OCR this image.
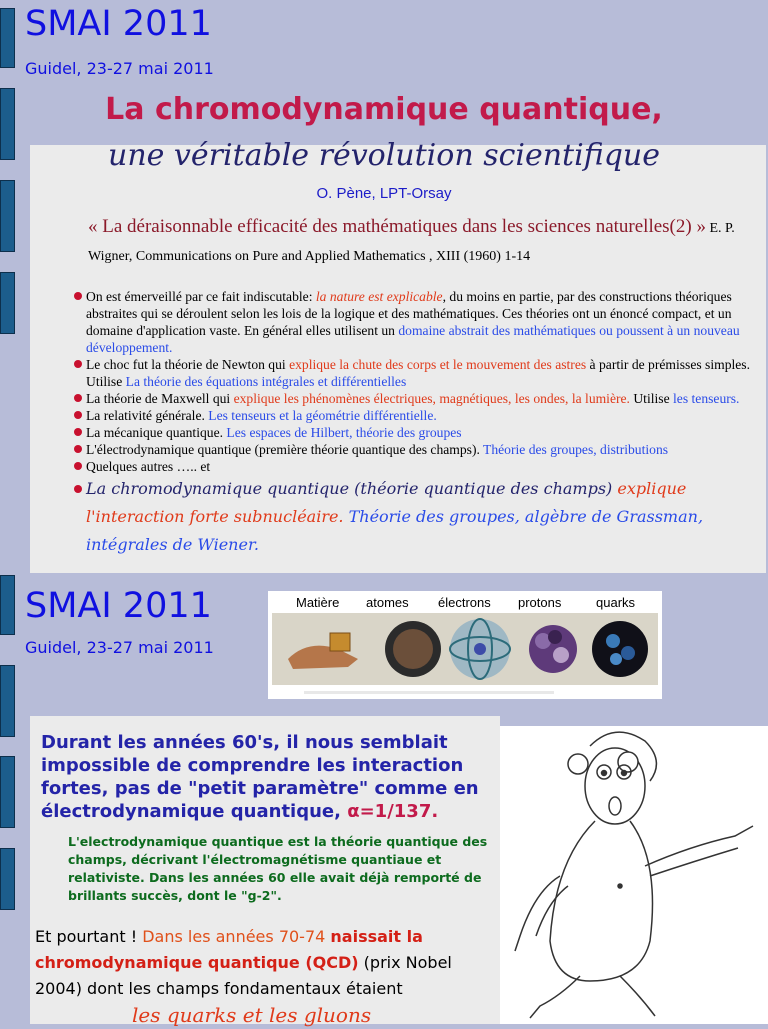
SMAI 2011
Guidel, 23-27 mai 2011
La chromodynamique quantique,
une véritable révolution scientifique
O. Pène, LPT-Orsay
« La déraisonnable efficacité des mathématiques dans les sciences naturelles(2) » E. P. Wigner, Communications on Pure and Applied Mathematics , XIII (1960) 1-14
On est émerveillé par ce fait indiscutable: la nature est explicable, du moins en partie, par des constructions théoriques abstraites qui se déroulent selon les lois de la logique et des mathématiques. Ces théories ont un énoncé compact, et un domaine d'application vaste. En général elles utilisent un domaine abstrait des mathématiques ou poussent à un nouveau développement.
Le choc fut la théorie de Newton qui explique la chute des corps et le mouvement des astres à partir de prémisses simples. Utilise La théorie des équations intégrales et différentielles
La théorie de Maxwell qui explique les phénomènes électriques, magnétiques, les ondes, la lumière. Utilise les tenseurs.
La relativité générale. Les tenseurs et la géométrie différentielle.
La mécanique quantique. Les espaces de Hilbert, théorie des groupes
L'électrodynamique quantique (première théorie quantique des champs). Théorie des groupes, distributions
Quelques autres ….. et
La chromodynamique quantique (théorie quantique des champs) explique l'interaction forte subnucléaire. Théorie des groupes, algèbre de Grassman, intégrales de Wiener.
SMAI 2011
Guidel, 23-27 mai 2011
Matière atomes électrons protons	quarks
Durant les années 60's, il nous semblait impossible de comprendre les interaction fortes, pas de "petit paramètre" comme en électrodynamique quantique, α=1/137.
L'electrodynamique quantique est la théorie quantique des champs, décrivant l'électromagnétisme quantiaue et relativiste. Dans les années 60 elle avait déjà remporté de brillants succès, dont le "g-2".
Et pourtant ! Dans les années 70-74 naissait la chromodynamique quantique (QCD) (prix Nobel 2004) dont les champs fondamentaux étaient
les quarks et les gluons
